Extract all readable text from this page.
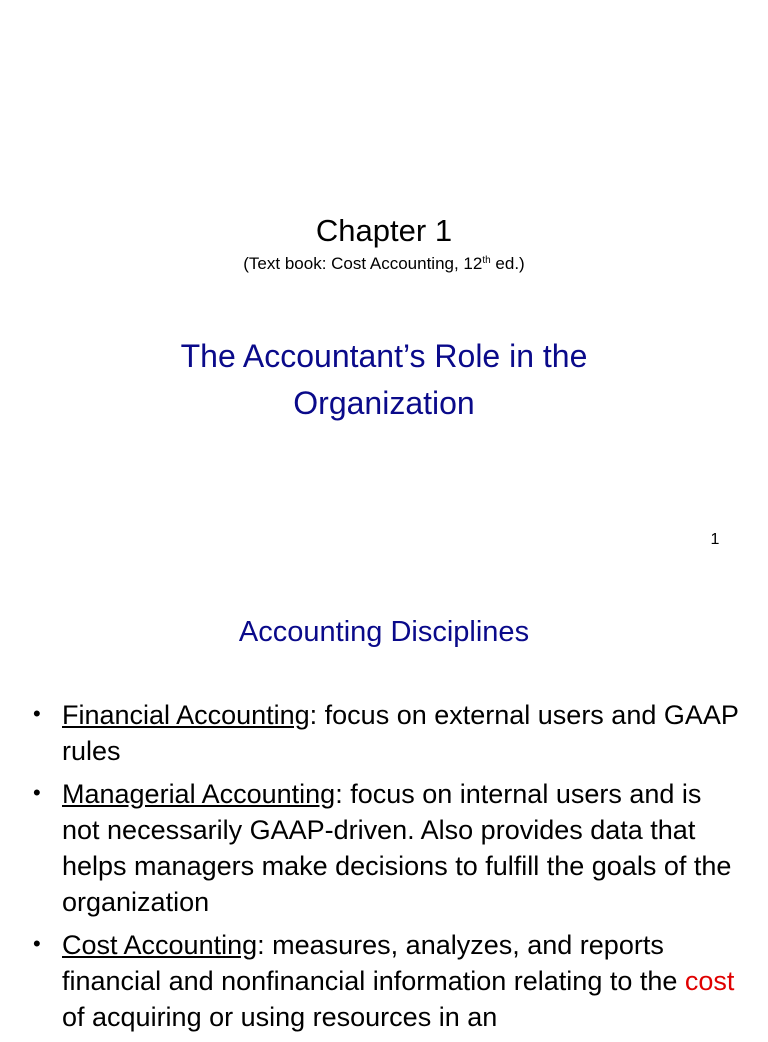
Chapter 1
(Text book: Cost Accounting, 12th ed.)
The Accountant’s Role in the
Organization
1
Accounting Disciplines
• Financial Accounting: focus on external users and GAAP rules
• Managerial Accounting: focus on internal users and is not necessarily GAAP-driven. Also provides data that helps managers make decisions to fulfill the goals of the organization
• Cost Accounting: measures, analyzes, and reports financial and nonfinancial information relating to the cost of acquiring or using resources in an
